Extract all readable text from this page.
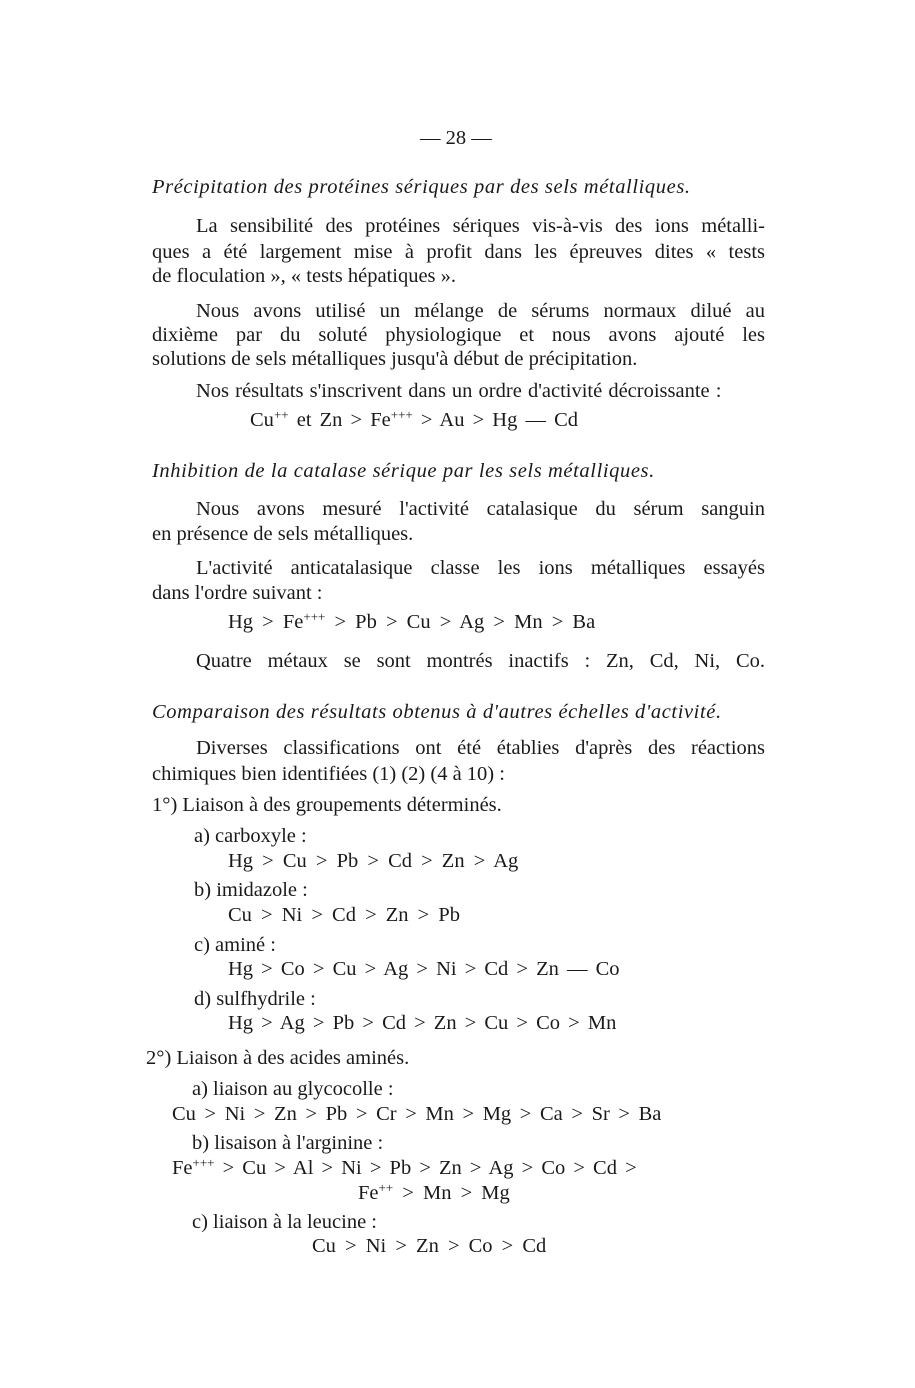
— 28 —
Précipitation des protéines sériques par des sels métalliques.
La sensibilité des protéines sériques vis-à-vis des ions métalli-
ques a été largement mise à profit dans les épreuves dites « tests
de floculation », « tests hépatiques ».
Nous avons utilisé un mélange de sérums normaux dilué au
dixième par du soluté physiologique et nous avons ajouté les
solutions de sels métalliques jusqu'à début de précipitation.
Nos résultats s'inscrivent dans un ordre d'activité décroissante :
Cu++ et Zn > Fe+++ > Au > Hg — Cd
Inhibition de la catalase sérique par les sels métalliques.
Nous avons mesuré l'activité catalasique du sérum sanguin
en présence de sels métalliques.
L'activité anticatalasique classe les ions métalliques essayés
dans l'ordre suivant :
Hg > Fe+++ > Pb > Cu > Ag > Mn > Ba
Quatre métaux se sont montrés inactifs : Zn, Cd, Ni, Co.
Comparaison des résultats obtenus à d'autres échelles d'activité.
Diverses classifications ont été établies d'après des réactions
chimiques bien identifiées (1) (2) (4 à 10) :
1°) Liaison à des groupements déterminés.
a) carboxyle :
Hg > Cu > Pb > Cd > Zn > Ag
b) imidazole :
Cu > Ni > Cd > Zn > Pb
c) aminé :
Hg > Co > Cu > Ag > Ni > Cd > Zn — Co
d) sulfhydrile :
Hg > Ag > Pb > Cd > Zn > Cu > Co > Mn
2°) Liaison à des acides aminés.
a) liaison au glycocolle :
Cu > Ni > Zn > Pb > Cr > Mn > Mg > Ca > Sr > Ba
b) lisaison à l'arginine :
Fe+++ > Cu > Al > Ni > Pb > Zn > Ag > Co > Cd >
Fe++ > Mn > Mg
c) liaison à la leucine :
Cu > Ni > Zn > Co > Cd
